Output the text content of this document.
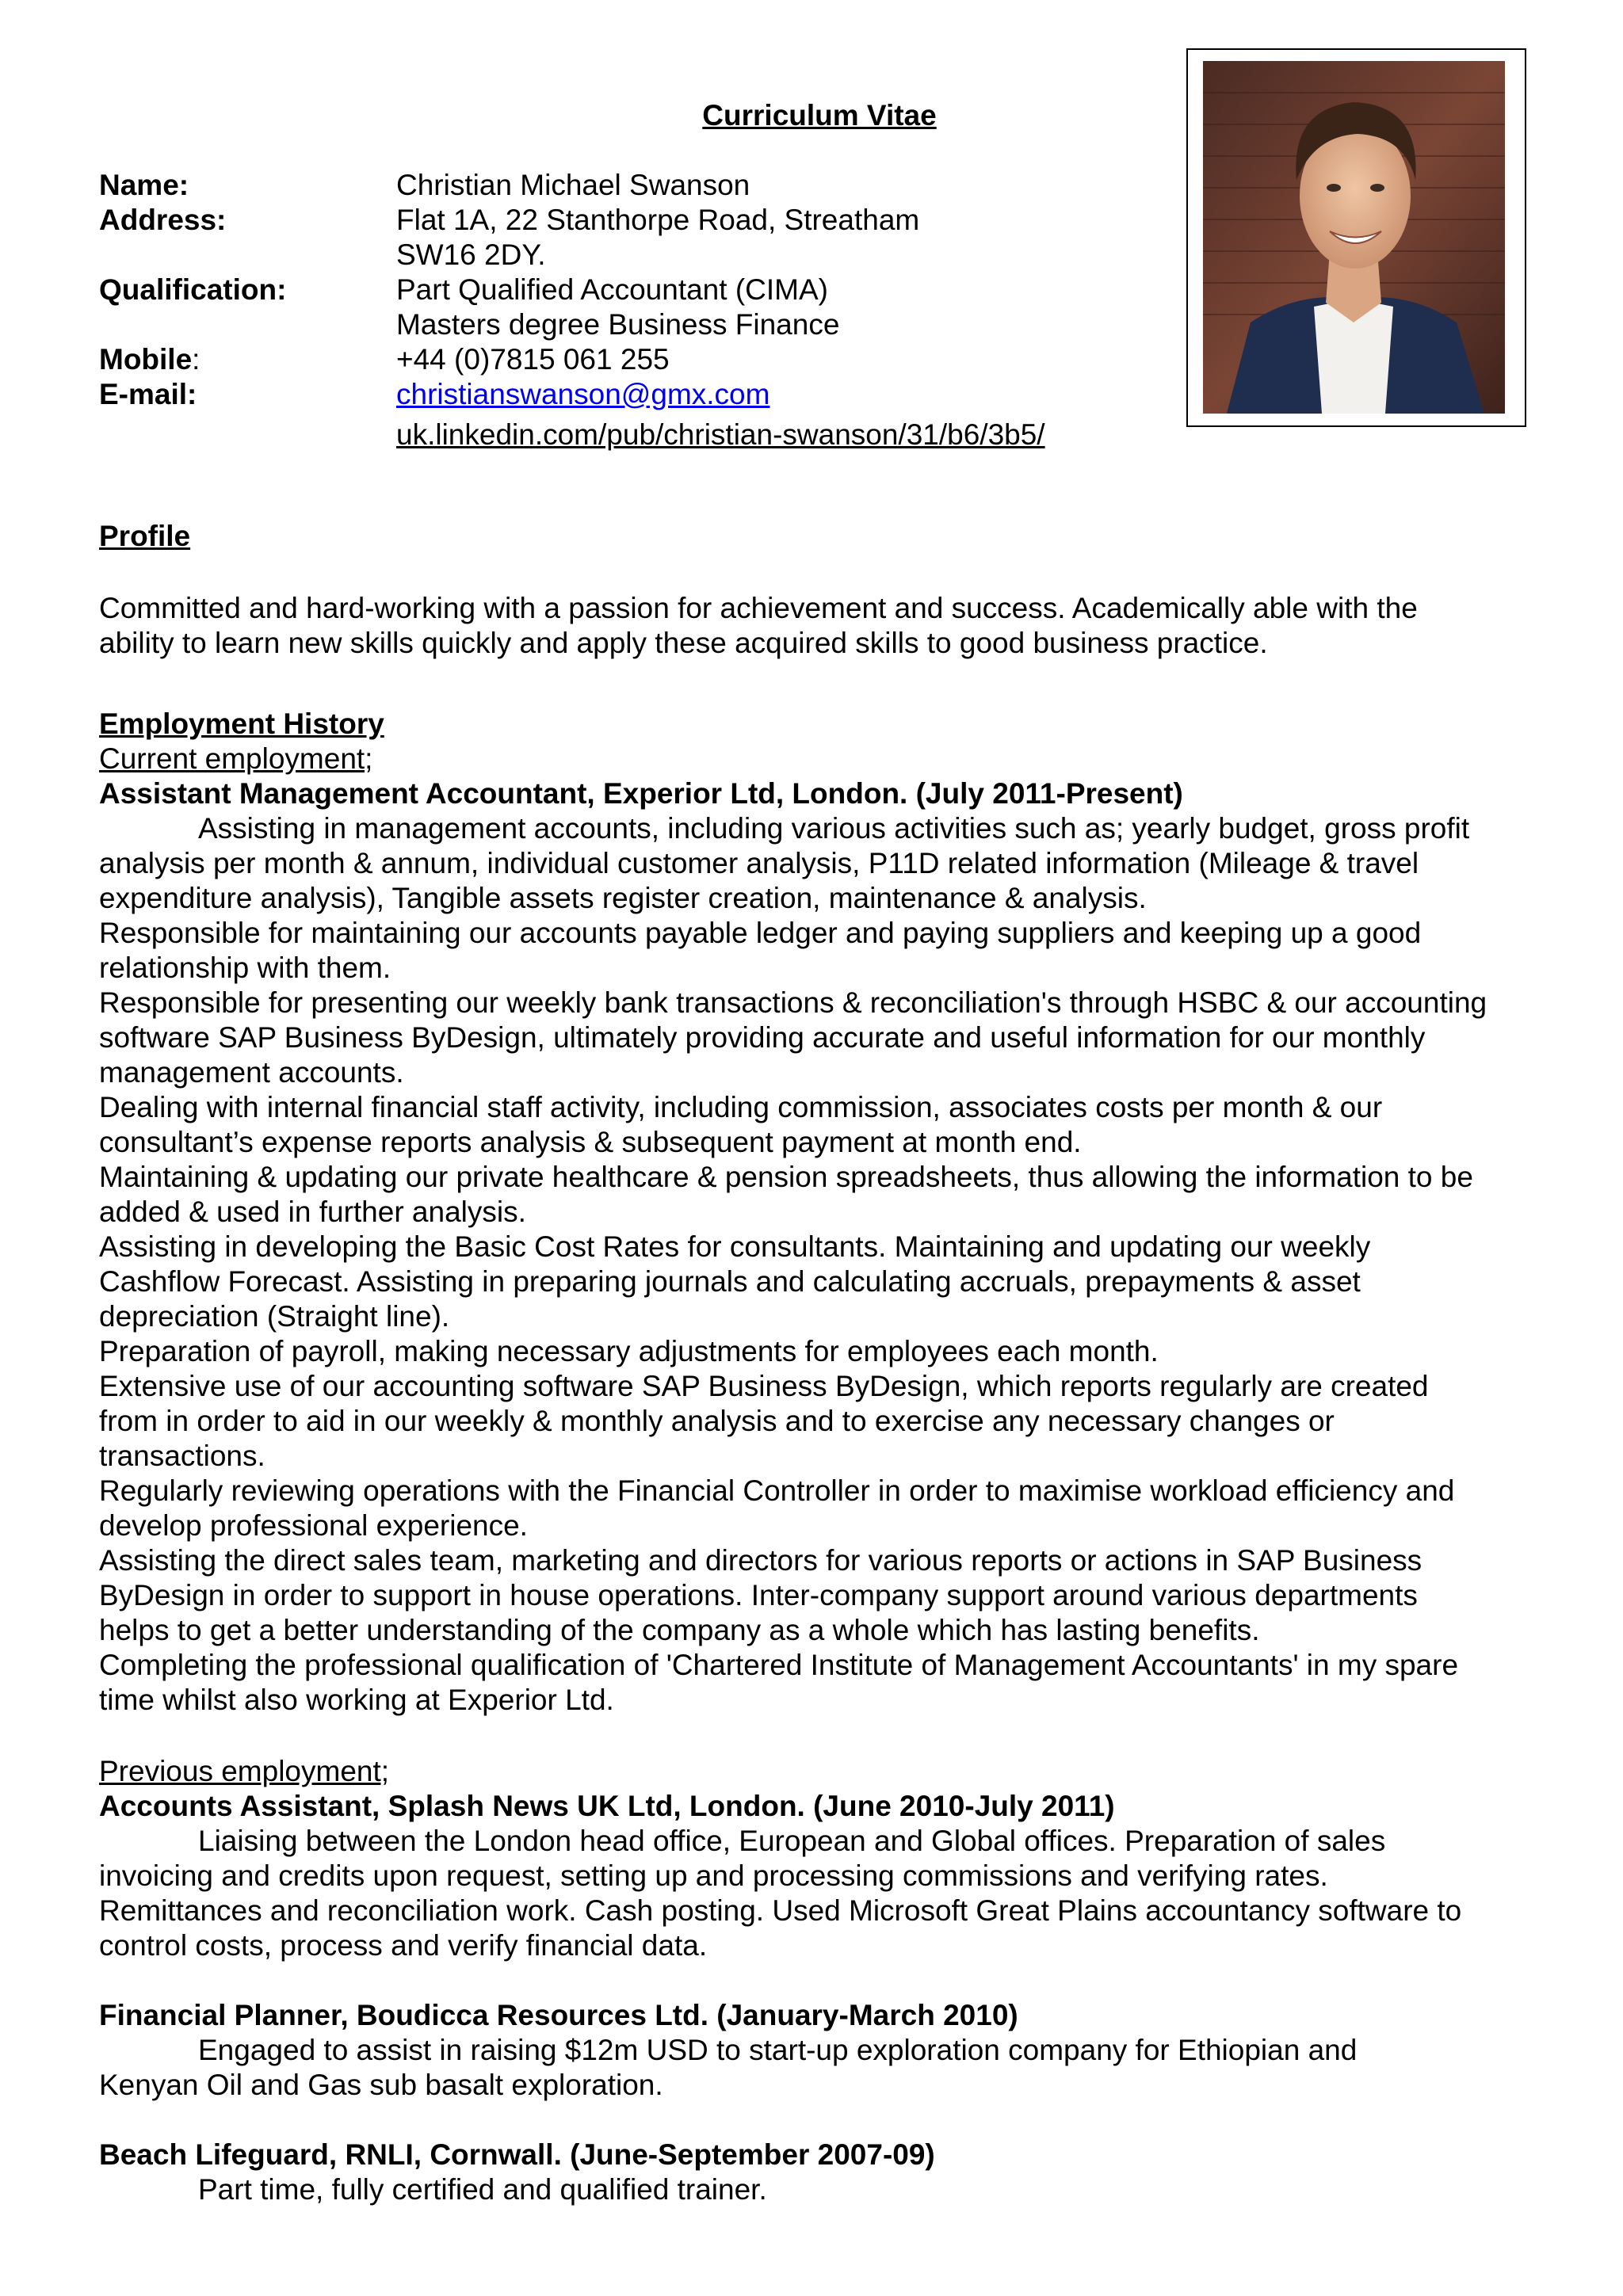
Curriculum Vitae
Name:	Christian Michael Swanson
Address:	Flat 1A, 22 Stanthorpe Road, Streatham
SW16 2DY.
Qualification:	Part Qualified Accountant (CIMA)
Masters degree Business Finance
Mobile:	+44 (0)7815 061 255
E-mail:	christianswanson@gmx.com
uk.linkedin.com/pub/christian-swanson/31/b6/3b5/
Profile
Committed and hard-working with a passion for achievement and success. Academically able with the
ability to learn new skills quickly and apply these acquired skills to good business practice.
Employment History
Current employment;
Assistant Management Accountant, Experior Ltd, London. (July 2011-Present)
Assisting in management accounts, including various activities such as; yearly budget, gross profit
analysis per month & annum, individual customer analysis, P11D related information (Mileage & travel
expenditure analysis), Tangible assets register creation, maintenance & analysis.
Responsible for maintaining our accounts payable ledger and paying suppliers and keeping up a good
relationship with them.
Responsible for presenting our weekly bank transactions & reconciliation's through HSBC & our accounting
software SAP Business ByDesign, ultimately providing accurate and useful information for our monthly
management accounts.
Dealing with internal financial staff activity, including commission, associates costs per month & our
consultant’s expense reports analysis & subsequent payment at month end.
Maintaining & updating our private healthcare & pension spreadsheets, thus allowing the information to be
added & used in further analysis.
Assisting in developing the Basic Cost Rates for consultants. Maintaining and updating our weekly
Cashflow Forecast. Assisting in preparing journals and calculating accruals, prepayments & asset
depreciation (Straight line).
Preparation of payroll, making necessary adjustments for employees each month.
Extensive use of our accounting software SAP Business ByDesign, which reports regularly are created
from in order to aid in our weekly & monthly analysis and to exercise any necessary changes or
transactions.
Regularly reviewing operations with the Financial Controller in order to maximise workload efficiency and
develop professional experience.
Assisting the direct sales team, marketing and directors for various reports or actions in SAP Business
ByDesign in order to support in house operations. Inter-company support around various departments
helps to get a better understanding of the company as a whole which has lasting benefits.
Completing the professional qualification of 'Chartered Institute of Management Accountants' in my spare
time whilst also working at Experior Ltd.
Previous employment;
Accounts Assistant, Splash News UK Ltd, London. (June 2010-July 2011)
Liaising between the London head office, European and Global offices. Preparation of sales
invoicing and credits upon request, setting up and processing commissions and verifying rates.
Remittances and reconciliation work. Cash posting. Used Microsoft Great Plains accountancy software to
control costs, process and verify financial data.
Financial Planner, Boudicca Resources Ltd. (January-March 2010)
Engaged to assist in raising $12m USD to start-up exploration company for Ethiopian and
Kenyan Oil and Gas sub basalt exploration.
Beach Lifeguard, RNLI, Cornwall. (June-September 2007-09)
Part time, fully certified and qualified trainer.
